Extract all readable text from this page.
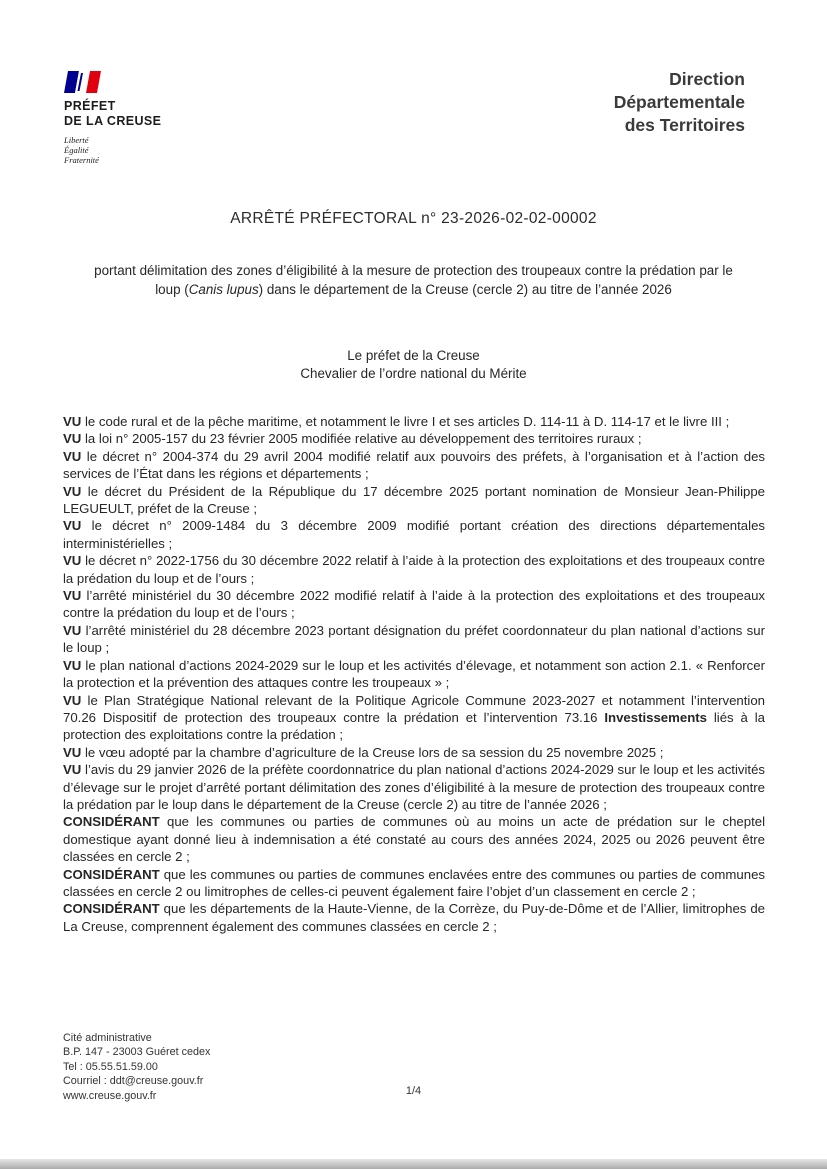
PRÉFET
DE LA CREUSE
Liberté
Égalité
Fraternité
Direction
Départementale
des Territoires
ARRÊTÉ PRÉFECTORAL n° 23-2026-02-02-00002
portant délimitation des zones d’éligibilité à la mesure de protection des troupeaux contre la prédation par le loup (Canis lupus) dans le département de la Creuse (cercle 2) au titre de l’année 2026
Le préfet de la Creuse
Chevalier de l’ordre national du Mérite

VU le code rural et de la pêche maritime, et notamment le livre I et ses articles D. 114-11 à D. 114-17 et le livre III ;

VU la loi n° 2005-157 du 23 février 2005 modifiée relative au développement des territoires ruraux ;

VU le décret n° 2004-374 du 29 avril 2004 modifié relatif aux pouvoirs des préfets, à l’organisation et à l’action des services de l’État dans les régions et départements ;

VU le décret du Président de la République du 17 décembre 2025 portant nomination de Monsieur Jean-Philippe LEGUEULT, préfet de la Creuse ;

VU le décret n° 2009-1484 du 3 décembre 2009 modifié portant création des directions départementales interministérielles ;

VU le décret n° 2022-1756 du 30 décembre 2022 relatif à l’aide à la protection des exploitations et des troupeaux contre la prédation du loup et de l’ours ;

VU l’arrêté ministériel du 30 décembre 2022 modifié relatif à l’aide à la protection des exploitations et des troupeaux contre la prédation du loup et de l’ours ;

VU l’arrêté ministériel du 28 décembre 2023 portant désignation du préfet coordonnateur du plan national d’actions sur le loup ;

VU le plan national d’actions 2024-2029 sur le loup et les activités d’élevage, et notamment son action 2.1. « Renforcer la protection et la prévention des attaques contre les troupeaux » ;

VU le Plan Stratégique National relevant de la Politique Agricole Commune 2023-2027 et notamment l’intervention 70.26 Dispositif de protection des troupeaux contre la prédation et l’intervention 73.16 Investissements liés à la protection des exploitations contre la prédation ;

VU le vœu adopté par la chambre d’agriculture de la Creuse lors de sa session du 25 novembre 2025 ;

VU l’avis du 29 janvier 2026 de la préfète coordonnatrice du plan national d’actions 2024-2029 sur le loup et les activités d’élevage sur le projet d’arrêté portant délimitation des zones d’éligibilité à la mesure de protection des troupeaux contre la prédation par le loup dans le département de la Creuse (cercle 2) au titre de l’année 2026 ;

CONSIDÉRANT que les communes ou parties de communes où au moins un acte de prédation sur le cheptel domestique ayant donné lieu à indemnisation a été constaté au cours des années 2024, 2025 ou 2026 peuvent être classées en cercle 2 ;

CONSIDÉRANT que les communes ou parties de communes enclavées entre des communes ou parties de communes classées en cercle 2 ou limitrophes de celles-ci peuvent également faire l’objet d’un classement en cercle 2 ;

CONSIDÉRANT que les départements de la Haute-Vienne, de la Corrèze, du Puy-de-Dôme et de l’Allier, limitrophes de La Creuse, comprennent également des communes classées en cercle 2 ;

Cité administrative
B.P. 147 - 23003 Guéret cedex
Tel : 05.55.51.59.00
Courriel : ddt@creuse.gouv.fr
www.creuse.gouv.fr	1/4
